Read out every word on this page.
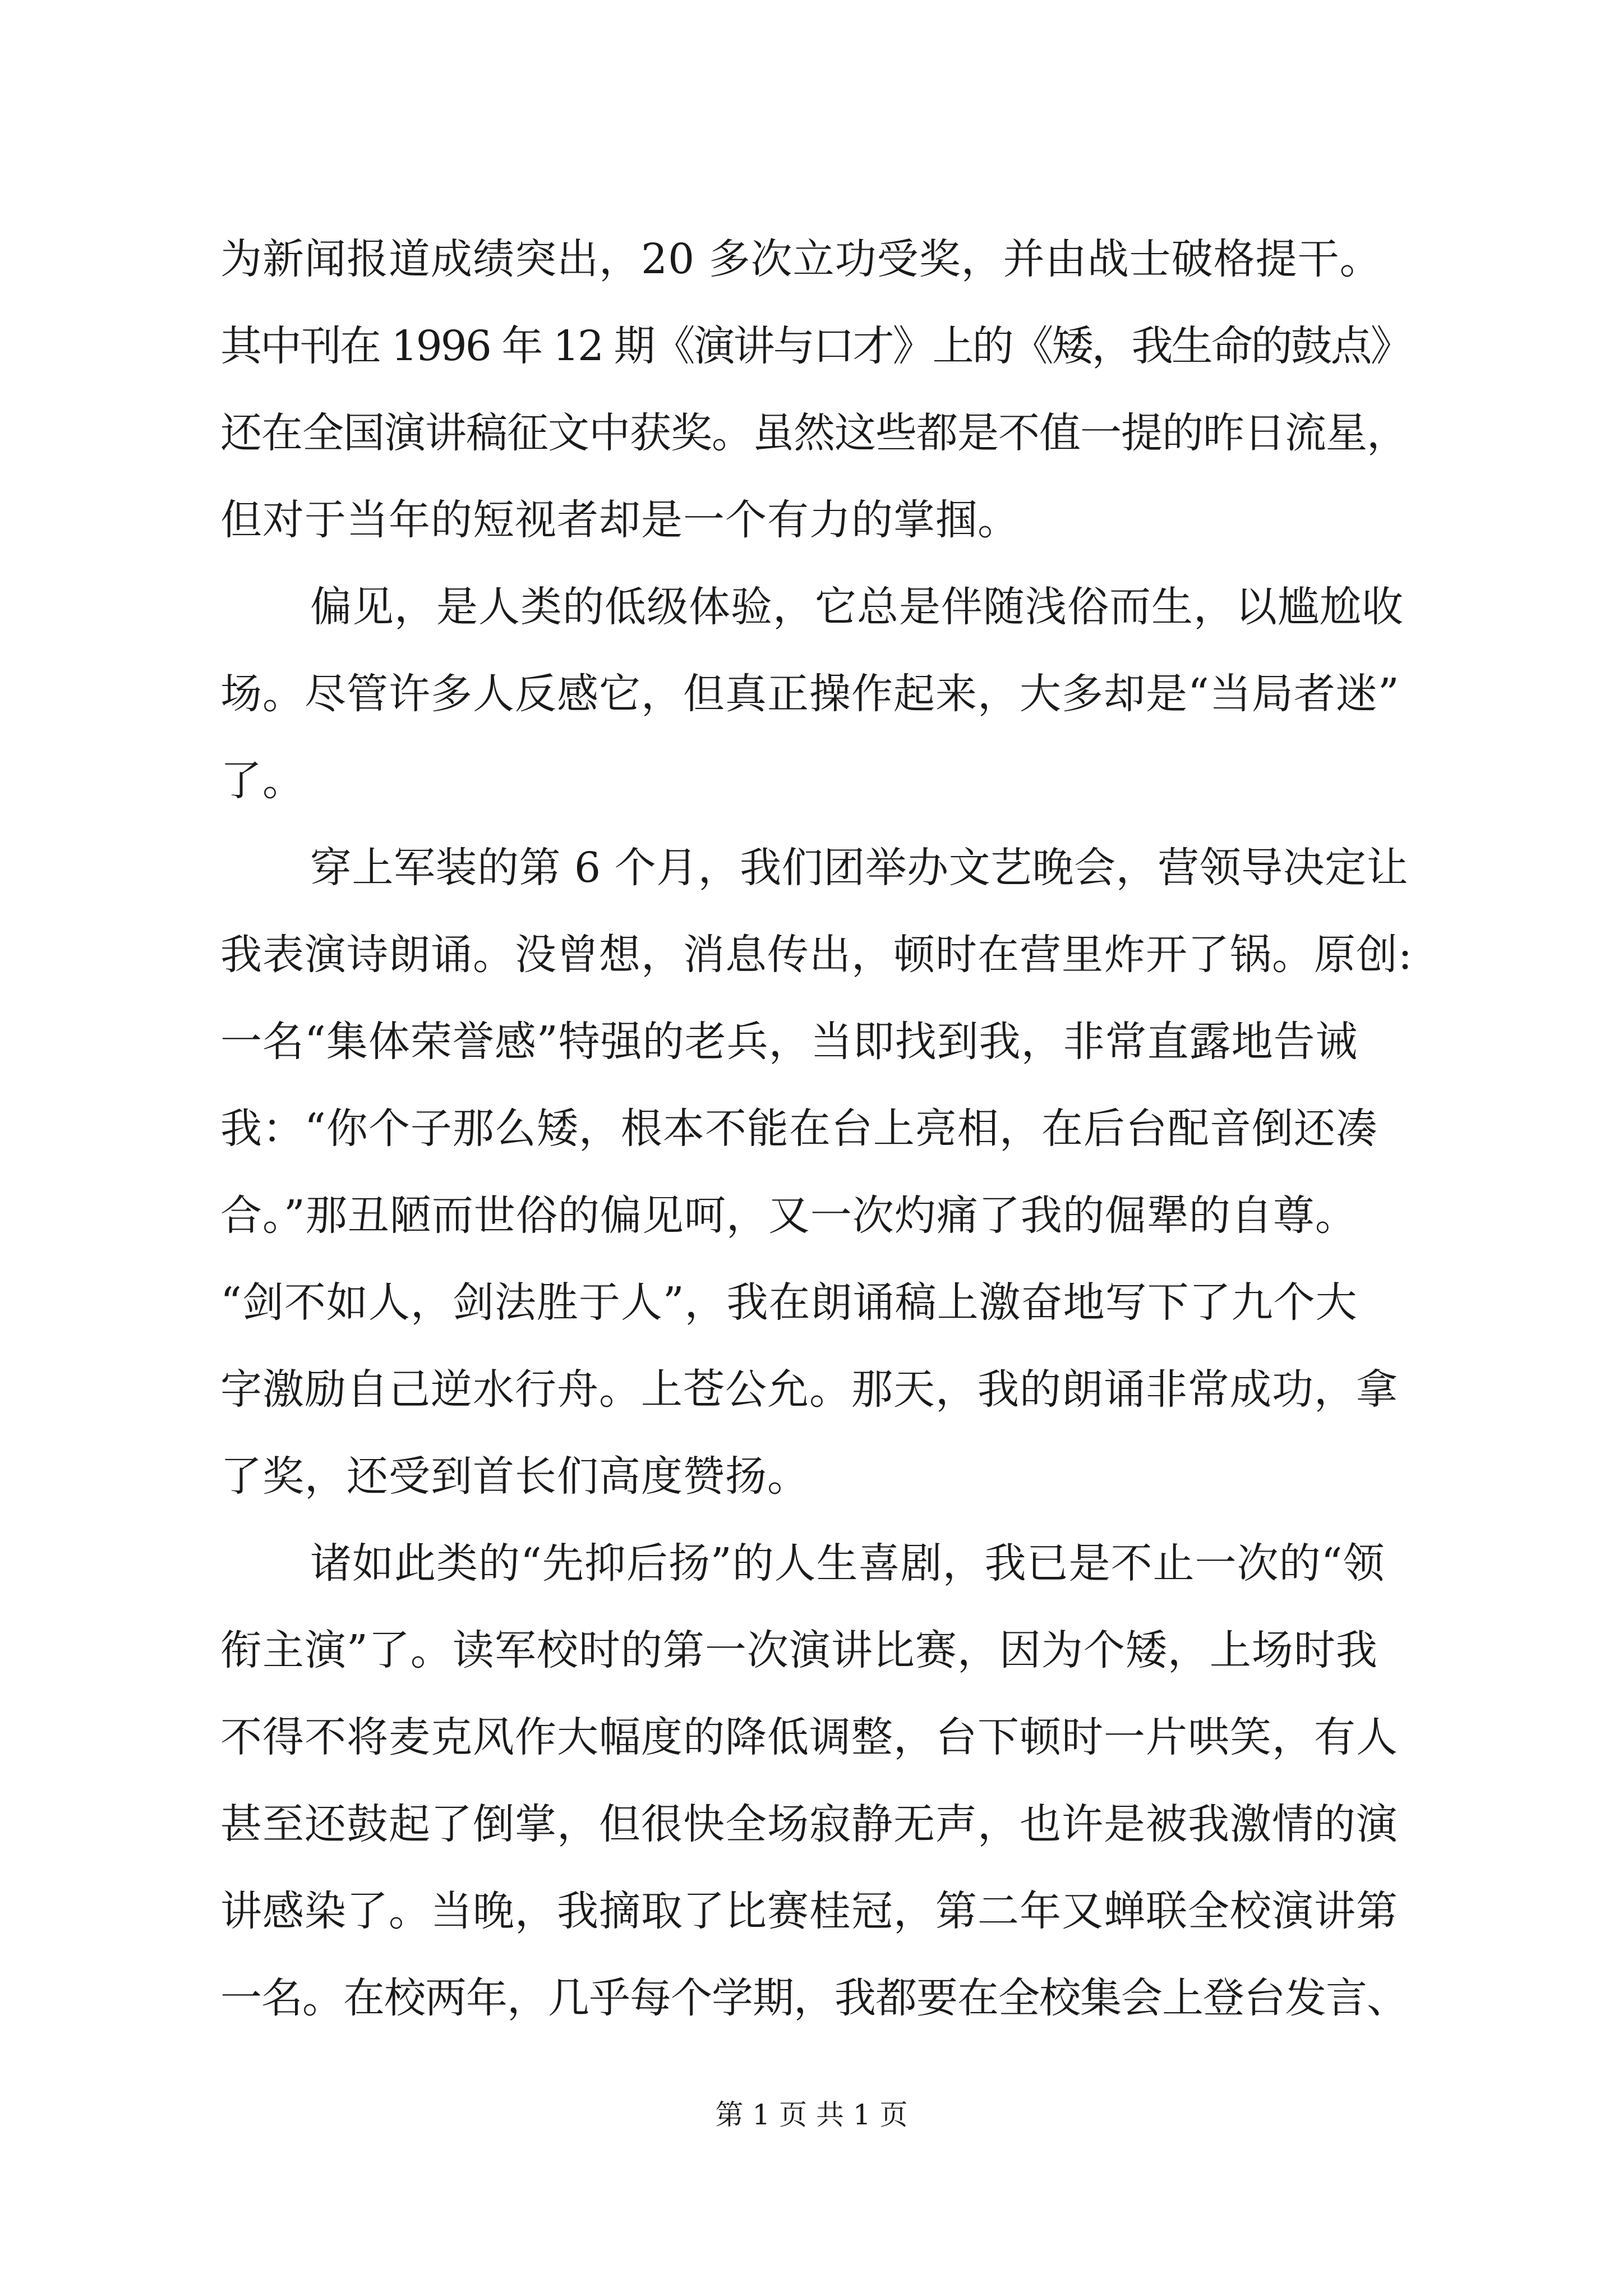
为新闻报道成绩突出，20 多次立功受奖，并由战士破格提干。
其中刊在 1996 年 12 期《演讲与口才》上的《矮，我生命的鼓点》
还在全国演讲稿征文中获奖。虽然这些都是不值一提的昨日流星，
但对于当年的短视者却是一个有力的掌掴。
偏见，是人类的低级体验，它总是伴随浅俗而生，以尴尬收
场。尽管许多人反感它，但真正操作起来，大多却是“当局者迷”
了。
穿上军装的第 6 个月，我们团举办文艺晚会，营领导决定让
我表演诗朗诵。没曾想，消息传出，顿时在营里炸开了锅。原创:
一名“集体荣誉感”特强的老兵，当即找到我，非常直露地告诫
我：“你个子那么矮，根本不能在台上亮相，在后台配音倒还凑
合。”那丑陋而世俗的偏见呵，又一次灼痛了我的倔犟的自尊。
“剑不如人，剑法胜于人”，我在朗诵稿上激奋地写下了九个大
字激励自己逆水行舟。上苍公允。那天，我的朗诵非常成功，拿
了奖，还受到首长们高度赞扬。
诸如此类的“先抑后扬”的人生喜剧，我已是不止一次的“领
衔主演”了。读军校时的第一次演讲比赛，因为个矮，上场时我
不得不将麦克风作大幅度的降低调整，台下顿时一片哄笑，有人
甚至还鼓起了倒掌，但很快全场寂静无声，也许是被我激情的演
讲感染了。当晚，我摘取了比赛桂冠，第二年又蝉联全校演讲第
一名。在校两年，几乎每个学期，我都要在全校集会上登台发言、
第 1 页 共 1 页
